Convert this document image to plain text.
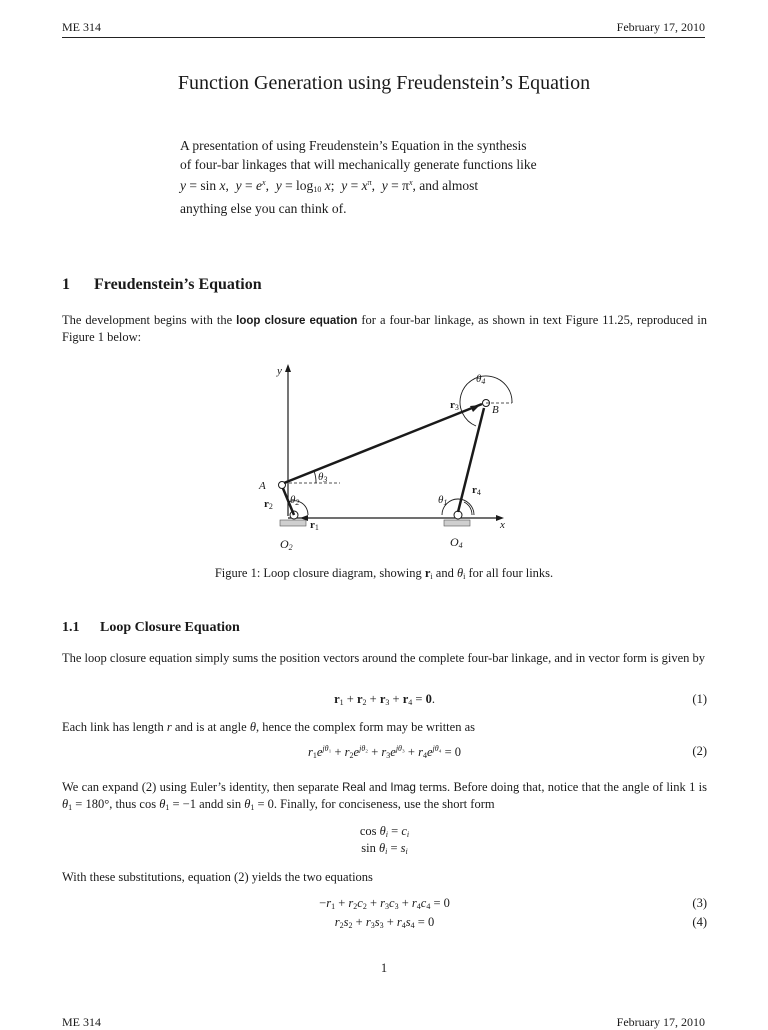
ME 314	February 17, 2010
Function Generation using Freudenstein’s Equation
A presentation of using Freudenstein’s Equation in the synthesis
of four-bar linkages that will mechanically generate functions like
y = sin x,  $y = e^x$,  $y = \log_{10} x$;  $y = x^\pi$,  $y = \pi^x$, and almost
anything else you can think of.
1 Freudenstein’s Equation
The development begins with the loop closure equation for a four-bar linkage, as shown in text Figure 11.25, reproduced in Figure 1 below:
y
x
r1
A
r2
B
r3
r4
θ3
θ2	θ1
θ4
O2	O4
Figure 1: Loop closure diagram, showing $r_i$ and $\theta_i$ for all four links.
1.1 Loop Closure Equation
The loop closure equation simply sums the position vectors around the complete four-bar linkage, and in vector form is given by
$r_1 + r_2 + r_3 + r_4 = 0$.	(1)
Each link has length r and is at angle θ, hence the complex form may be written as
$r_1e^{j\theta_1} + r_2e^{j\theta_2} + r_3e^{j\theta_3} + r_4e^{j\theta_4} = 0$	(2)
We can expand (2) using Euler’s identity, then separate Real and Imag terms. Before doing that, notice that the angle of link 1 is $\theta_1 = 180^\circ$, thus $\cos \theta_1 = -1$ andd $\sin \theta_1 = 0$. Finally, for conciseness, use the short form
$\cos \theta_i = c_i$
$\sin \theta_i = s_i$
With these substitutions, equation (2) yields the two equations
$-r_1 + r_2c_2 + r_3c_3 + r_4c_4 = 0$	(3)
$r_2s_2 + r_3s_3 + r_4s_4 = 0$	(4)
1
ME 314	February 17, 2010
